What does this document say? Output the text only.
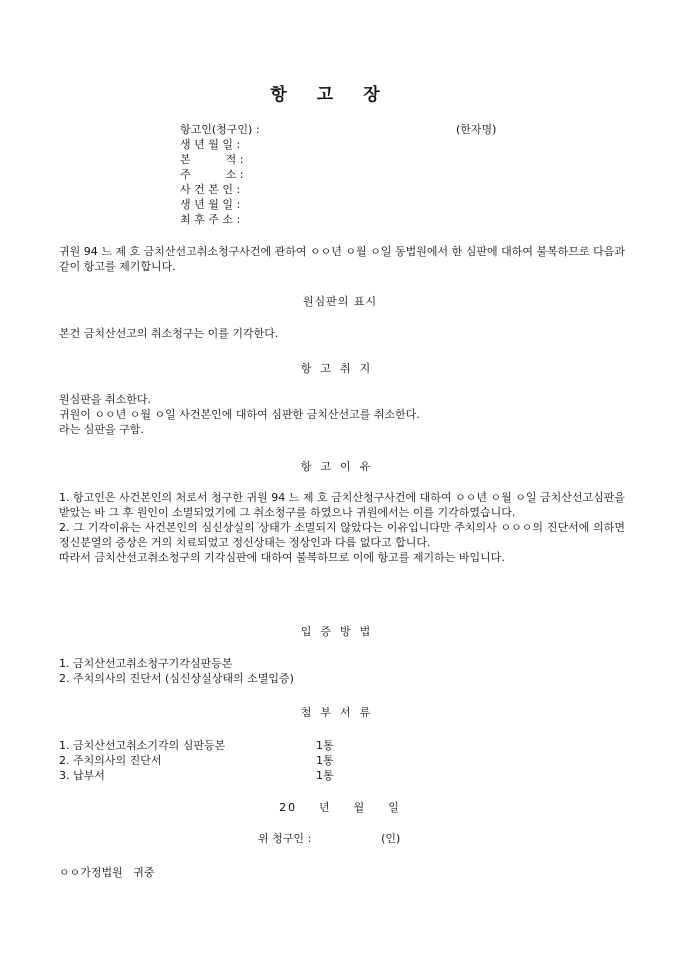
항고장
항고인(청구인) :
생 년 월 일 :
본          적 :
주          소 :
사 건 본 인 :
생 년 월 일 :
최 후 주 소 :
(한자명)
귀원 94 느 제 호 금치산선고취소청구사건에 관하여 ㅇㅇ년 ㅇ월 ㅇ일 동법원에서 한 심판에 대하여 불복하므로 다음과 같이 항고를 제기합니다.
원심판의 표시
본건 금치산선고의 취소청구는 이를 기각한다.
항고취지
원심판을 취소한다.
귀원이 ㅇㅇ년 ㅇ월 ㅇ일 사건본인에 대하여 심판한 금치산선고를 취소한다.
라는 심판을 구함.
항고이유
1. 항고인은 사건본인의 처로서 청구한 귀원 94 느 제 호 금치산청구사건에 대하여 ㅇㅇ년 ㅇ월 ㅇ일 금치산선고심판을 받았는 바 그 후 원인이 소멸되었기에 그 취소청구를 하였으나 귀원에서는 이를 기각하였습니다.
2. 그 기각이유는 사건본인의 심신상실의 상태가 소멸되지 않았다는 이유입니다만 주치의사 ㅇㅇㅇ의 진단서에 의하면 정신분열의 증상은 거의 치료되었고 정신상태는 정상인과 다름 없다고 합니다.
따라서 금치산선고취소청구의 기각심판에 대하여 불복하므로 이에 항고를 제기하는 바입니다.
입증방법
1. 금치산선고취소청구기각심판등본
2. 주치의사의 진단서 (심신상실상태의 소멸입증)
첨부서류
1. 금치산선고취소기각의 심판등본	1통
2. 주치의사의 진단서	1통
3. 납부서	1통
20    년    월    일
위 청구인 :                    (인)
ㅇㅇ가정법원   귀중
